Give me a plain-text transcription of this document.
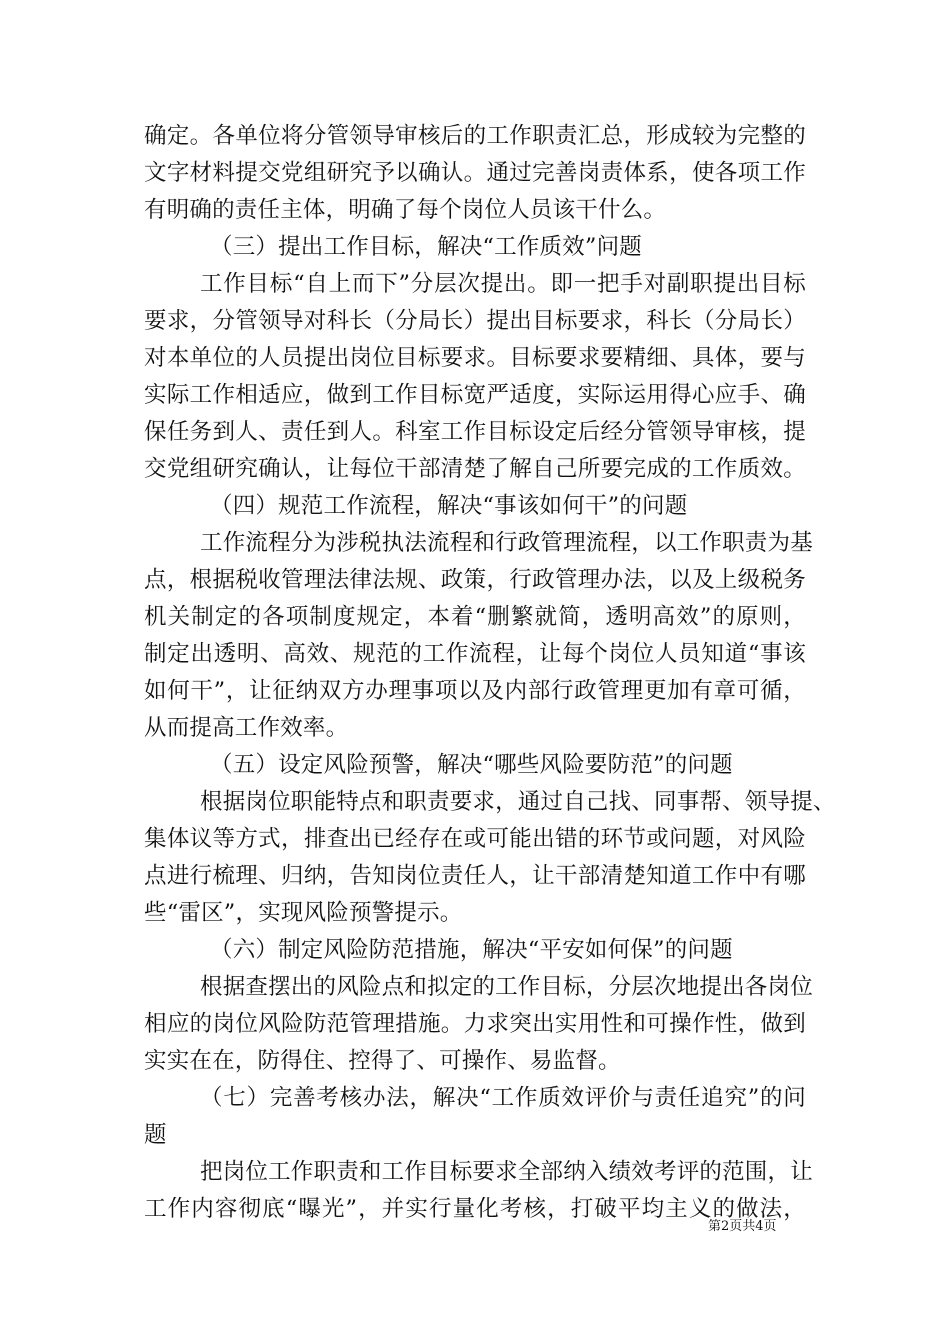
确定。各单位将分管领导审核后的工作职责汇总，形成较为完整的
文字材料提交党组研究予以确认。通过完善岗责体系，使各项工作
有明确的责任主体，明确了每个岗位人员该干什么。
（三）提出工作目标，解决“工作质效”问题
工作目标“自上而下”分层次提出。即一把手对副职提出目标
要求，分管领导对科长（分局长）提出目标要求，科长（分局长）
对本单位的人员提出岗位目标要求。目标要求要精细、具体，要与
实际工作相适应，做到工作目标宽严适度，实际运用得心应手、确
保任务到人、责任到人。科室工作目标设定后经分管领导审核，提
交党组研究确认，让每位干部清楚了解自己所要完成的工作质效。
（四）规范工作流程，解决“事该如何干”的问题
工作流程分为涉税执法流程和行政管理流程，以工作职责为基
点，根据税收管理法律法规、政策，行政管理办法，以及上级税务
机关制定的各项制度规定，本着“删繁就简，透明高效”的原则，
制定出透明、高效、规范的工作流程，让每个岗位人员知道“事该
如何干”，让征纳双方办理事项以及内部行政管理更加有章可循，
从而提高工作效率。
（五）设定风险预警，解决“哪些风险要防范”的问题
根据岗位职能特点和职责要求，通过自己找、同事帮、领导提、
集体议等方式，排查出已经存在或可能出错的环节或问题，对风险
点进行梳理、归纳，告知岗位责任人，让干部清楚知道工作中有哪
些“雷区”，实现风险预警提示。
（六）制定风险防范措施，解决“平安如何保”的问题
根据查摆出的风险点和拟定的工作目标，分层次地提出各岗位
相应的岗位风险防范管理措施。力求突出实用性和可操作性，做到
实实在在，防得住、控得了、可操作、易监督。
（七）完善考核办法，解决“工作质效评价与责任追究”的问
题
把岗位工作职责和工作目标要求全部纳入绩效考评的范围，让
工作内容彻底“曝光”，并实行量化考核，打破平均主义的做法，
第2页共4页
